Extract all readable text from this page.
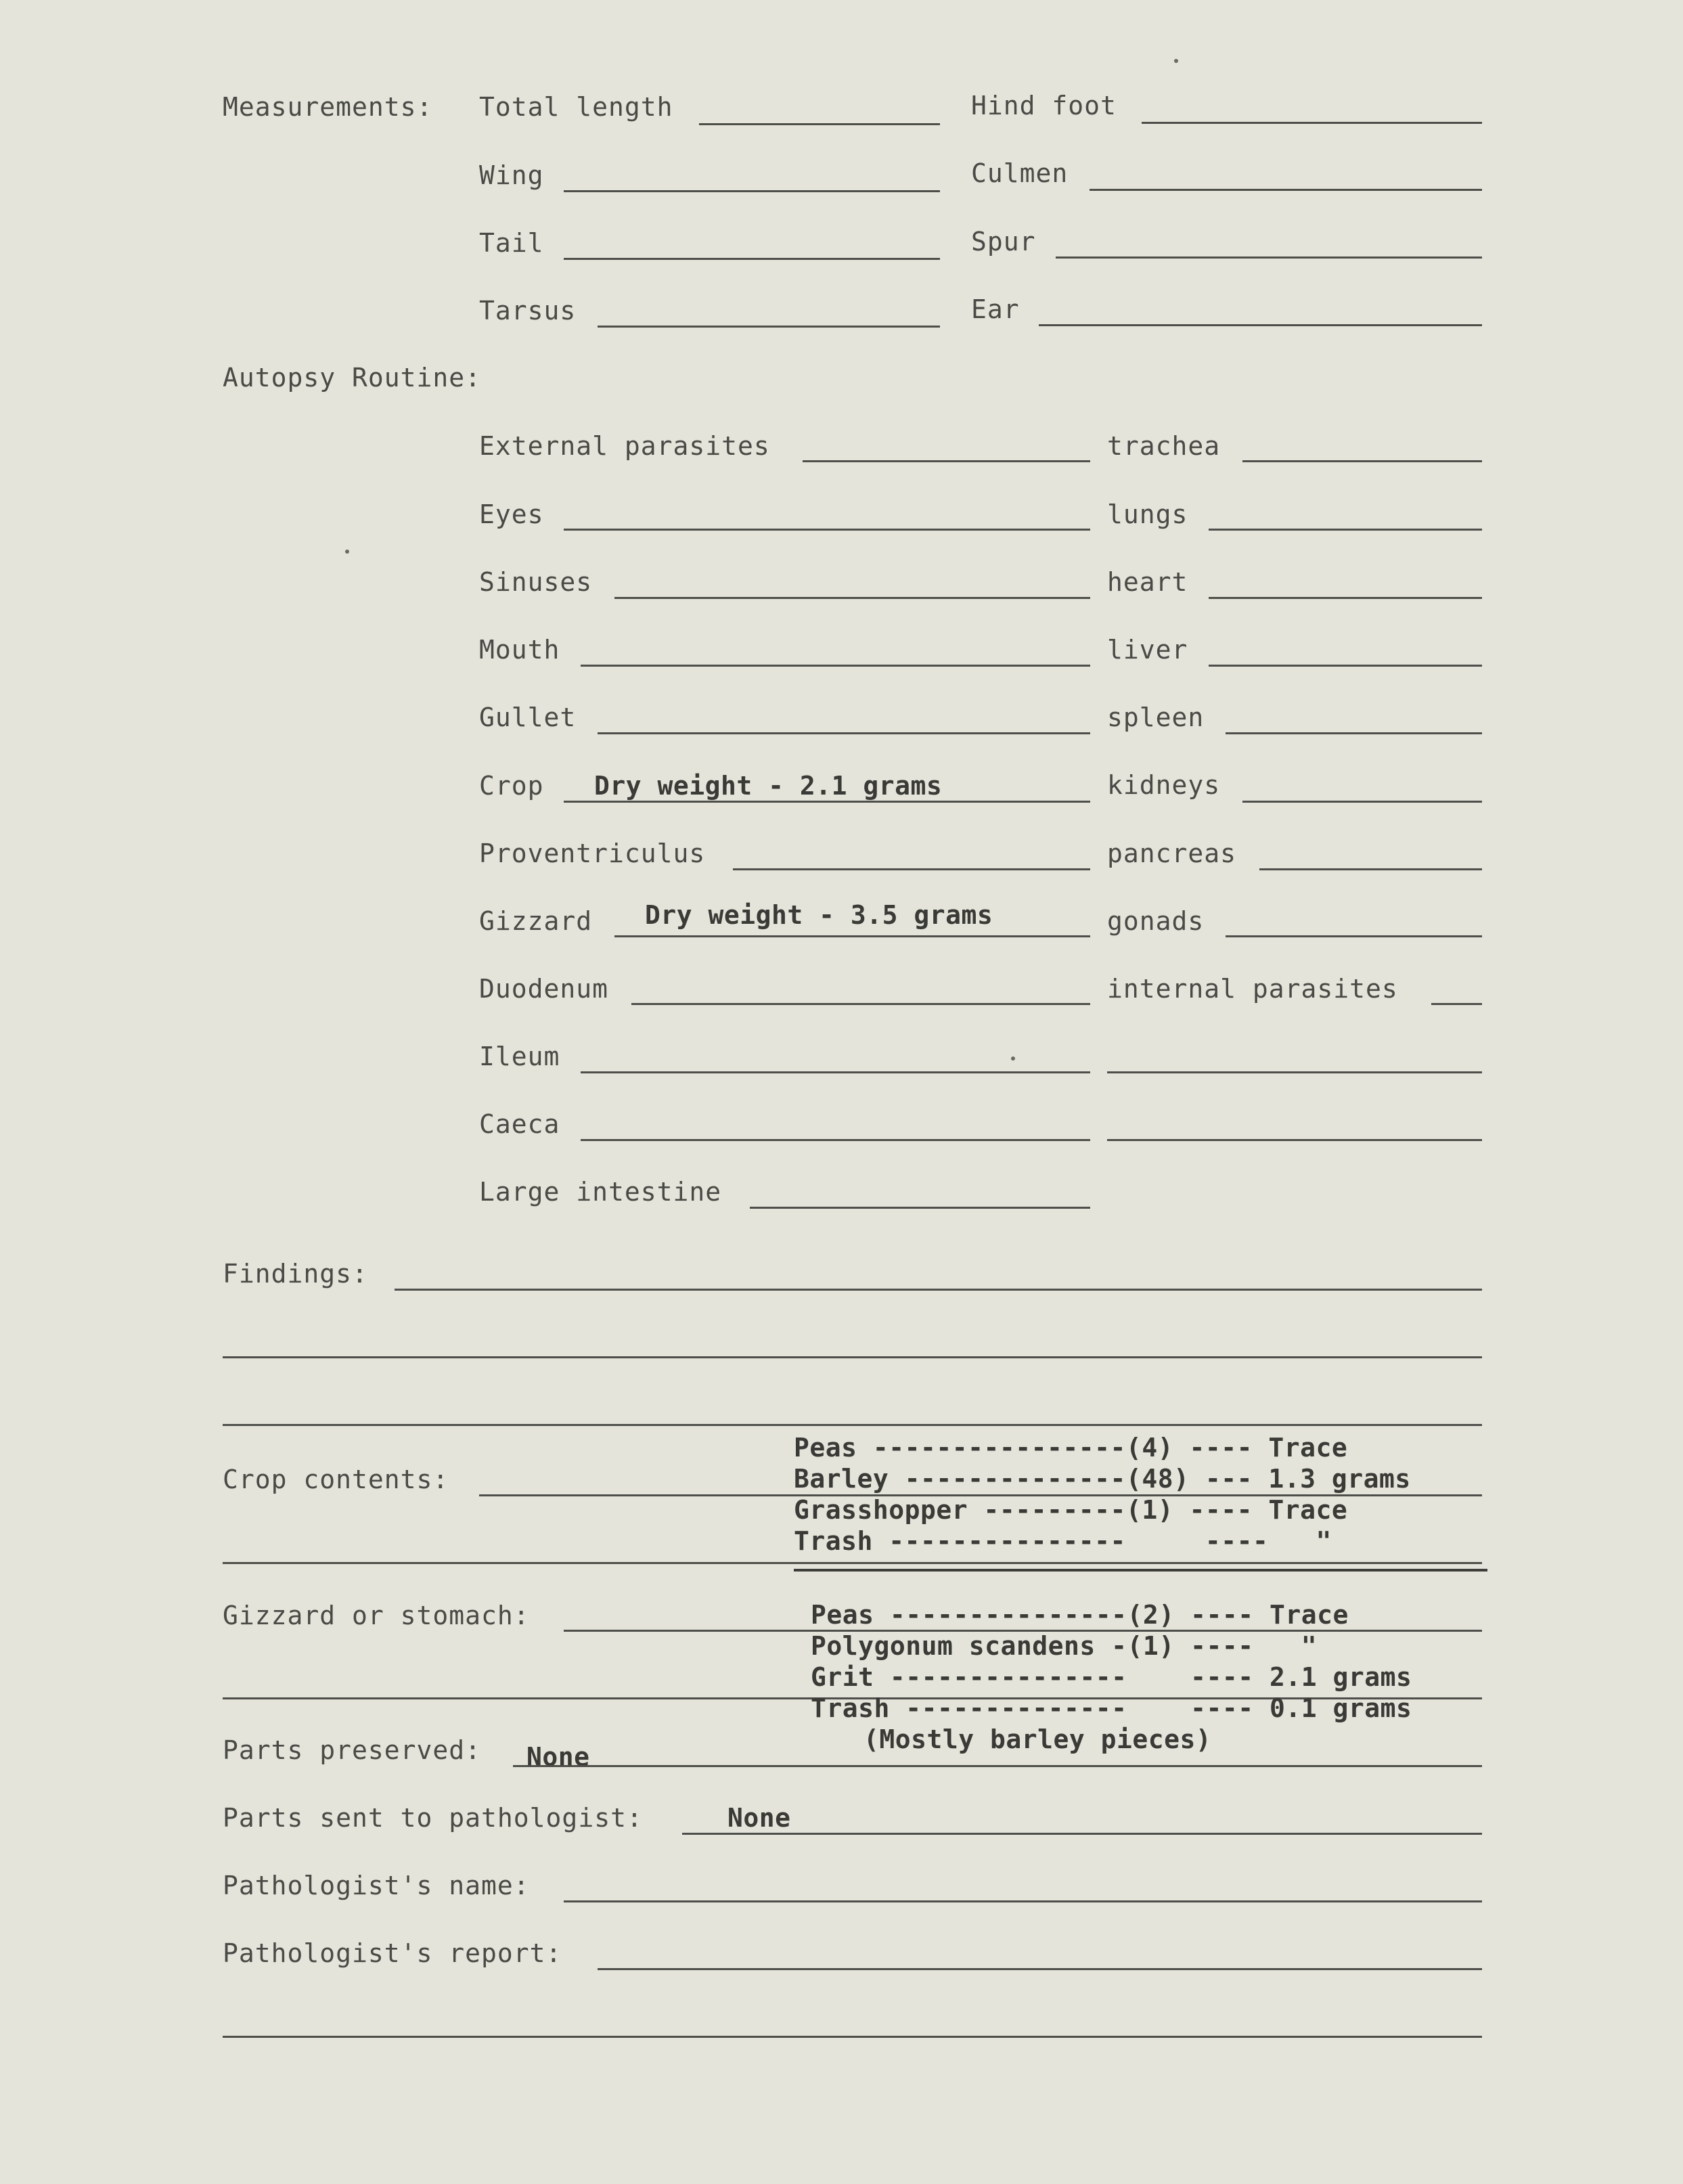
Measurements: Total length	Hind foot
Wing	Culmen
Tail	Spur
Tarsus	Ear
Autopsy Routine:
External parasites	trachea
Eyes	lungs
Sinuses	heart
Mouth	liver
Gullet	spleen
Crop Dry weight - 2.1 grams	kidneys
Proventriculus	pancreas
Gizzard Dry weight - 3.5 grams	gonads
Duodenum	internal parasites
Ileum
Caeca
Large intestine
Findings:
Crop contents:
Peas ----------------(4) ---- Trace
Barley --------------(48) --- 1.3 grams
Grasshopper ---------(1) ---- Trace
Trash ---------------     ----   "
Gizzard or stomach:	Peas ---------------(2) ---- Trace
Polygonum scandens -(1) ----   "
Grit ---------------    ---- 2.1 grams
Trash --------------    ---- 0.1 grams
(Mostly barley pieces)
Parts preserved: None
Parts sent to pathologist:	None
Pathologist's name:
Pathologist's report:
